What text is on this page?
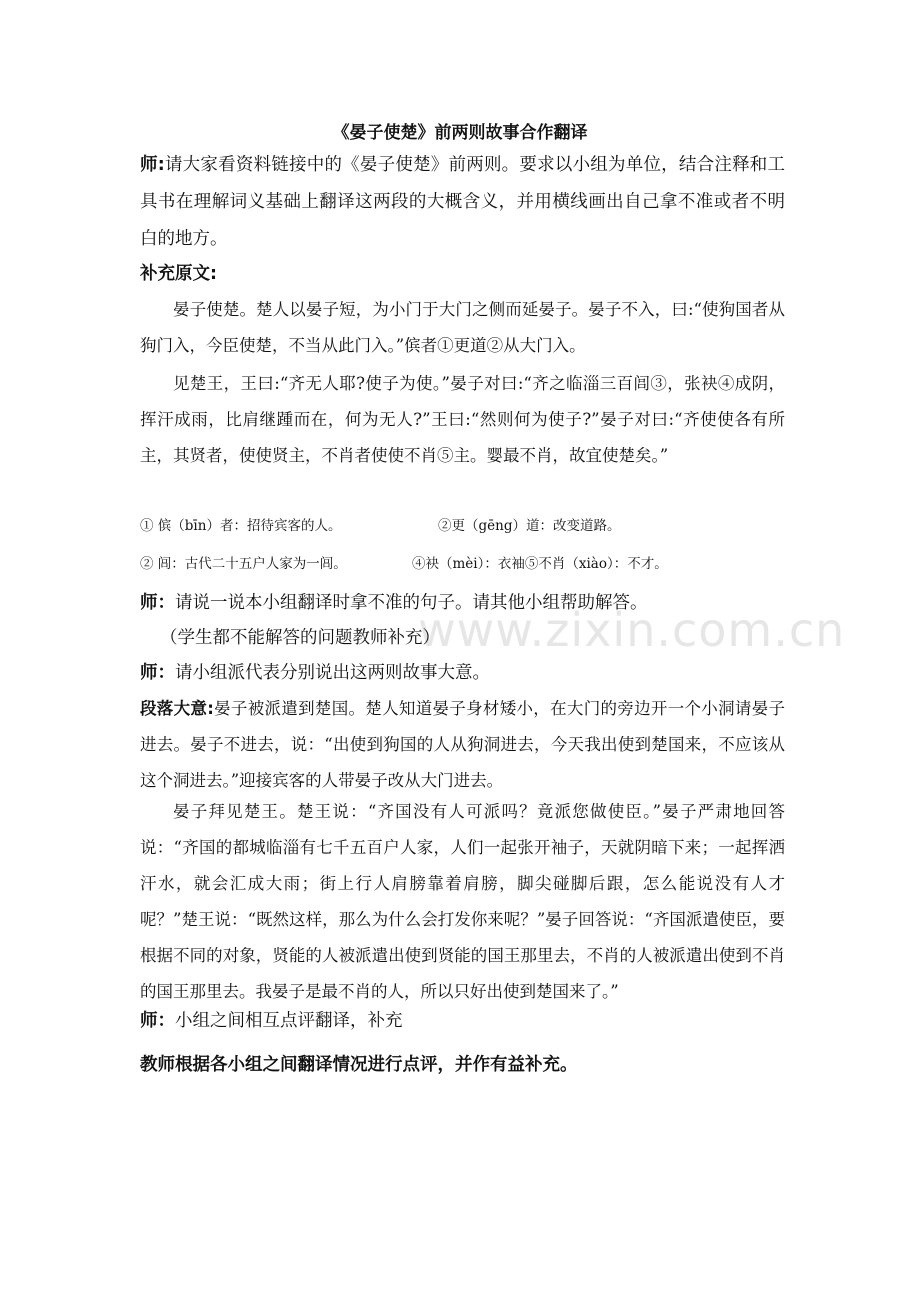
www.zixin.com.cn
《晏子使楚》前两则故事合作翻译

师:请大家看资料链接中的《晏子使楚》前两则。要求以小组为单位，结合注释和工具书在理解词义基础上翻译这两段的大概含义，并用横线画出自己拿不准或者不明白的地方。

补充原文:

晏子使楚。楚人以晏子短，为小门于大门之侧而延晏子。晏子不入，曰:“使狗国者从狗门入，今臣使楚，不当从此门入。”傧者①更道②从大门入。

见楚王，王曰:“齐无人耶?使子为使。”晏子对曰:“齐之临淄三百闾③，张袂④成阴，挥汗成雨，比肩继踵而在，何为无人?”王曰:“然则何为使子?”晏子对曰:“齐使使各有所主，其贤者，使使贤主，不肖者使使不肖⑤主。婴最不肖，故宜使楚矣。”

① 傧（bīn）者：招待宾客的人。	②更（gēng）道：改变道路。
② 闾：古代二十五户人家为一闾。	④袂（mèi）：衣袖⑤不肖（xiào）：不才。

师：请说一说本小组翻译时拿不准的句子。请其他小组帮助解答。

（学生都不能解答的问题教师补充）

师：请小组派代表分别说出这两则故事大意。

段落大意:晏子被派遣到楚国。楚人知道晏子身材矮小，在大门的旁边开一个小洞请晏子进去。晏子不进去，说：“出使到狗国的人从狗洞进去，今天我出使到楚国来，不应该从这个洞进去。”迎接宾客的人带晏子改从大门进去。

晏子拜见楚王。楚王说：“齐国没有人可派吗？竟派您做使臣。”晏子严肃地回答说：“齐国的都城临淄有七千五百户人家，人们一起张开袖子，天就阴暗下来；一起挥洒汗水，就会汇成大雨；街上行人肩膀靠着肩膀，脚尖碰脚后跟，怎么能说没有人才呢？”楚王说：“既然这样，那么为什么会打发你来呢？”晏子回答说：“齐国派遣使臣，要根据不同的对象，贤能的人被派遣出使到贤能的国王那里去，不肖的人被派遣出使到不肖的国王那里去。我晏子是最不肖的人，所以只好出使到楚国来了。”

师：小组之间相互点评翻译，补充

教师根据各小组之间翻译情况进行点评，并作有益补充。
